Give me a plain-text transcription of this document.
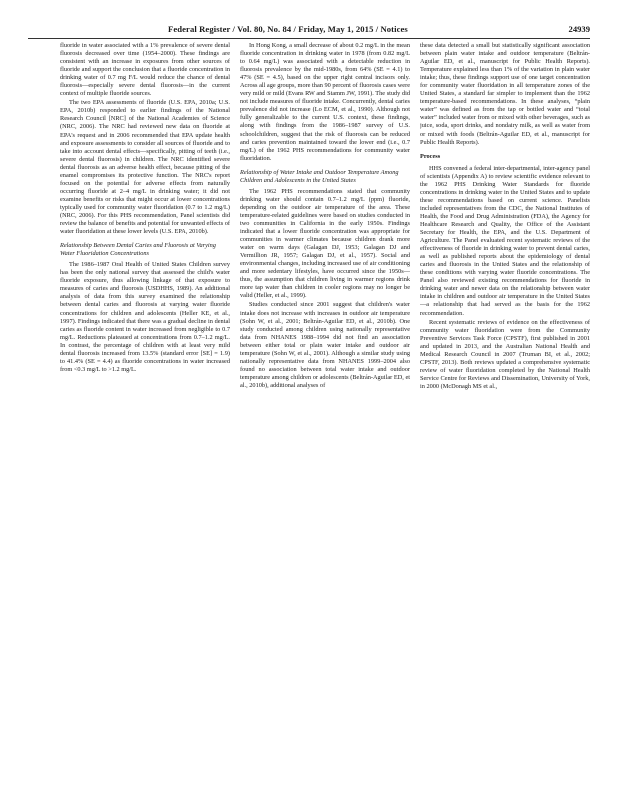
Federal Register / Vol. 80, No. 84 / Friday, May 1, 2015 / Notices	24939

fluoride in water associated with a 1% prevalence of severe dental fluorosis decreased over time (1954–2000). These findings are consistent with an increase in exposures from other sources of fluoride and support the conclusion that a fluoride concentration in drinking water of 0.7 mg F/L would reduce the chance of dental fluorosis—especially severe dental fluorosis—in the current context of multiple fluoride sources.

The two EPA assessments of fluoride (U.S. EPA, 2010a; U.S. EPA, 2010b) responded to earlier findings of the National Research Council [NRC] of the National Academies of Science (NRC, 2006). The NRC had reviewed new data on fluoride at EPA's request and in 2006 recommended that EPA update health and exposure assessments to consider all sources of fluoride and to take into account dental effects—specifically, pitting of teeth (i.e., severe dental fluorosis) in children. The NRC identified severe dental fluorosis as an adverse health effect, because pitting of the enamel compromises its protective function. The NRC's report focused on the potential for adverse effects from naturally occurring fluoride at 2–4 mg/L in drinking water; it did not examine benefits or risks that might occur at lower concentrations typically used for community water fluoridation (0.7 to 1.2 mg/L) (NRC, 2006). For this PHS recommendation, Panel scientists did review the balance of benefits and potential for unwanted effects of water fluoridation at these lower levels (U.S. EPA, 2010b).

Relationship Between Dental Caries and Fluorosis at Varying Water Fluoridation Concentrations

The 1986–1987 Oral Health of United States Children survey has been the only national survey that assessed the child's water fluoride exposure, thus allowing linkage of that exposure to measures of caries and fluorosis (USDHHS, 1989). An additional analysis of data from this survey examined the relationship between dental caries and fluorosis at varying water fluoride concentrations for children and adolescents (Heller KE, et al., 1997). Findings indicated that there was a gradual decline in dental caries as fluoride content in water increased from negligible to 0.7 mg/L. Reductions plateaued at concentrations from 0.7–1.2 mg/L. In contrast, the percentage of children with at least very mild dental fluorosis increased from 13.5% (standard error [SE] = 1.9) to 41.4% (SE = 4.4) as fluoride concentrations in water increased from <0.3 mg/L to >1.2 mg/L.

In Hong Kong, a small decrease of about 0.2 mg/L in the mean fluoride concentration in drinking water in 1978 (from 0.82 mg/L to 0.64 mg/L) was associated with a detectable reduction in fluorosis prevalence by the mid-1980s, from 64% (SE = 4.1) to 47% (SE = 4.5), based on the upper right central incisors only. Across all age groups, more than 90 percent of fluorosis cases were very mild or mild (Evans RW and Stamm JW, 1991). The study did not include measures of fluoride intake. Concurrently, dental caries prevalence did not increase (Lo ECM, et al., 1990). Although not fully generalizable to the current U.S. context, these findings, along with findings from the 1986–1987 survey of U.S. schoolchildren, suggest that the risk of fluorosis can be reduced and caries prevention maintained toward the lower end (i.e., 0.7 mg/L) of the 1962 PHS recommendations for community water fluoridation.

Relationship of Water Intake and Outdoor Temperature Among Children and Adolescents in the United States

The 1962 PHS recommendations stated that community drinking water should contain 0.7–1.2 mg/L (ppm) fluoride, depending on the outdoor air temperature of the area. These temperature-related guidelines were based on studies conducted in two communities in California in the early 1950s. Findings indicated that a lower fluoride concentration was appropriate for communities in warmer climates because children drank more water on warm days (Galagan DJ, 1953; Galagan DJ and Vermillion JR, 1957; Galagan DJ, et al., 1957). Social and environmental changes, including increased use of air conditioning and more sedentary lifestyles, have occurred since the 1950s—thus, the assumption that children living in warmer regions drink more tap water than children in cooler regions may no longer be valid (Heller, et al., 1999).

Studies conducted since 2001 suggest that children's water intake does not increase with increases in outdoor air temperature (Sohn W, et al., 2001; Beltrán-Aguilar ED, et al., 2010b). One study conducted among children using nationally representative data from NHANES 1988–1994 did not find an association between either total or plain water intake and outdoor air temperature (Sohn W, et al., 2001). Although a similar study using nationally representative data from NHANES 1999–2004 also found no association between total water intake and outdoor temperature among children or adolescents (Beltrán-Aguilar ED, et al., 2010b), additional analyses of

these data detected a small but statistically significant association between plain water intake and outdoor temperature (Beltrán-Aguilar ED, et al., manuscript for Public Health Reports). Temperature explained less than 1% of the variation in plain water intake; thus, these findings support use of one target concentration for community water fluoridation in all temperature zones of the United States, a standard far simpler to implement than the 1962 temperature-based recommendations. In these analyses, “plain water” was defined as from the tap or bottled water and “total water” included water from or mixed with other beverages, such as juice, soda, sport drinks, and nondairy milk, as well as water from or mixed with foods (Beltrán-Aguilar ED, et al., manuscript for Public Health Reports).

Process

HHS convened a federal inter-departmental, inter-agency panel of scientists (Appendix A) to review scientific evidence relevant to the 1962 PHS Drinking Water Standards for fluoride concentrations in drinking water in the United States and to update these recommendations based on current science. Panelists included representatives from the CDC, the National Institutes of Health, the Food and Drug Administration (FDA), the Agency for Healthcare Research and Quality, the Office of the Assistant Secretary for Health, the EPA, and the U.S. Department of Agriculture. The Panel evaluated recent systematic reviews of the effectiveness of fluoride in drinking water to prevent dental caries, as well as published reports about the epidemiology of dental caries and fluorosis in the United States and the relationship of these conditions with varying water fluoride concentrations. The Panel also reviewed existing recommendations for fluoride in drinking water and newer data on the relationship between water intake in children and outdoor air temperature in the United States—a relationship that had served as the basis for the 1962 recommendation.

Recent systematic reviews of evidence on the effectiveness of community water fluoridation were from the Community Preventive Services Task Force (CPSTF), first published in 2001 and updated in 2013, and the Australian National Health and Medical Research Council in 2007 (Truman BI, et al., 2002; CPSTF, 2013). Both reviews updated a comprehensive systematic review of water fluoridation completed by the National Health Service Centre for Reviews and Dissemination, University of York, in 2000 (McDonagh MS et al.,
